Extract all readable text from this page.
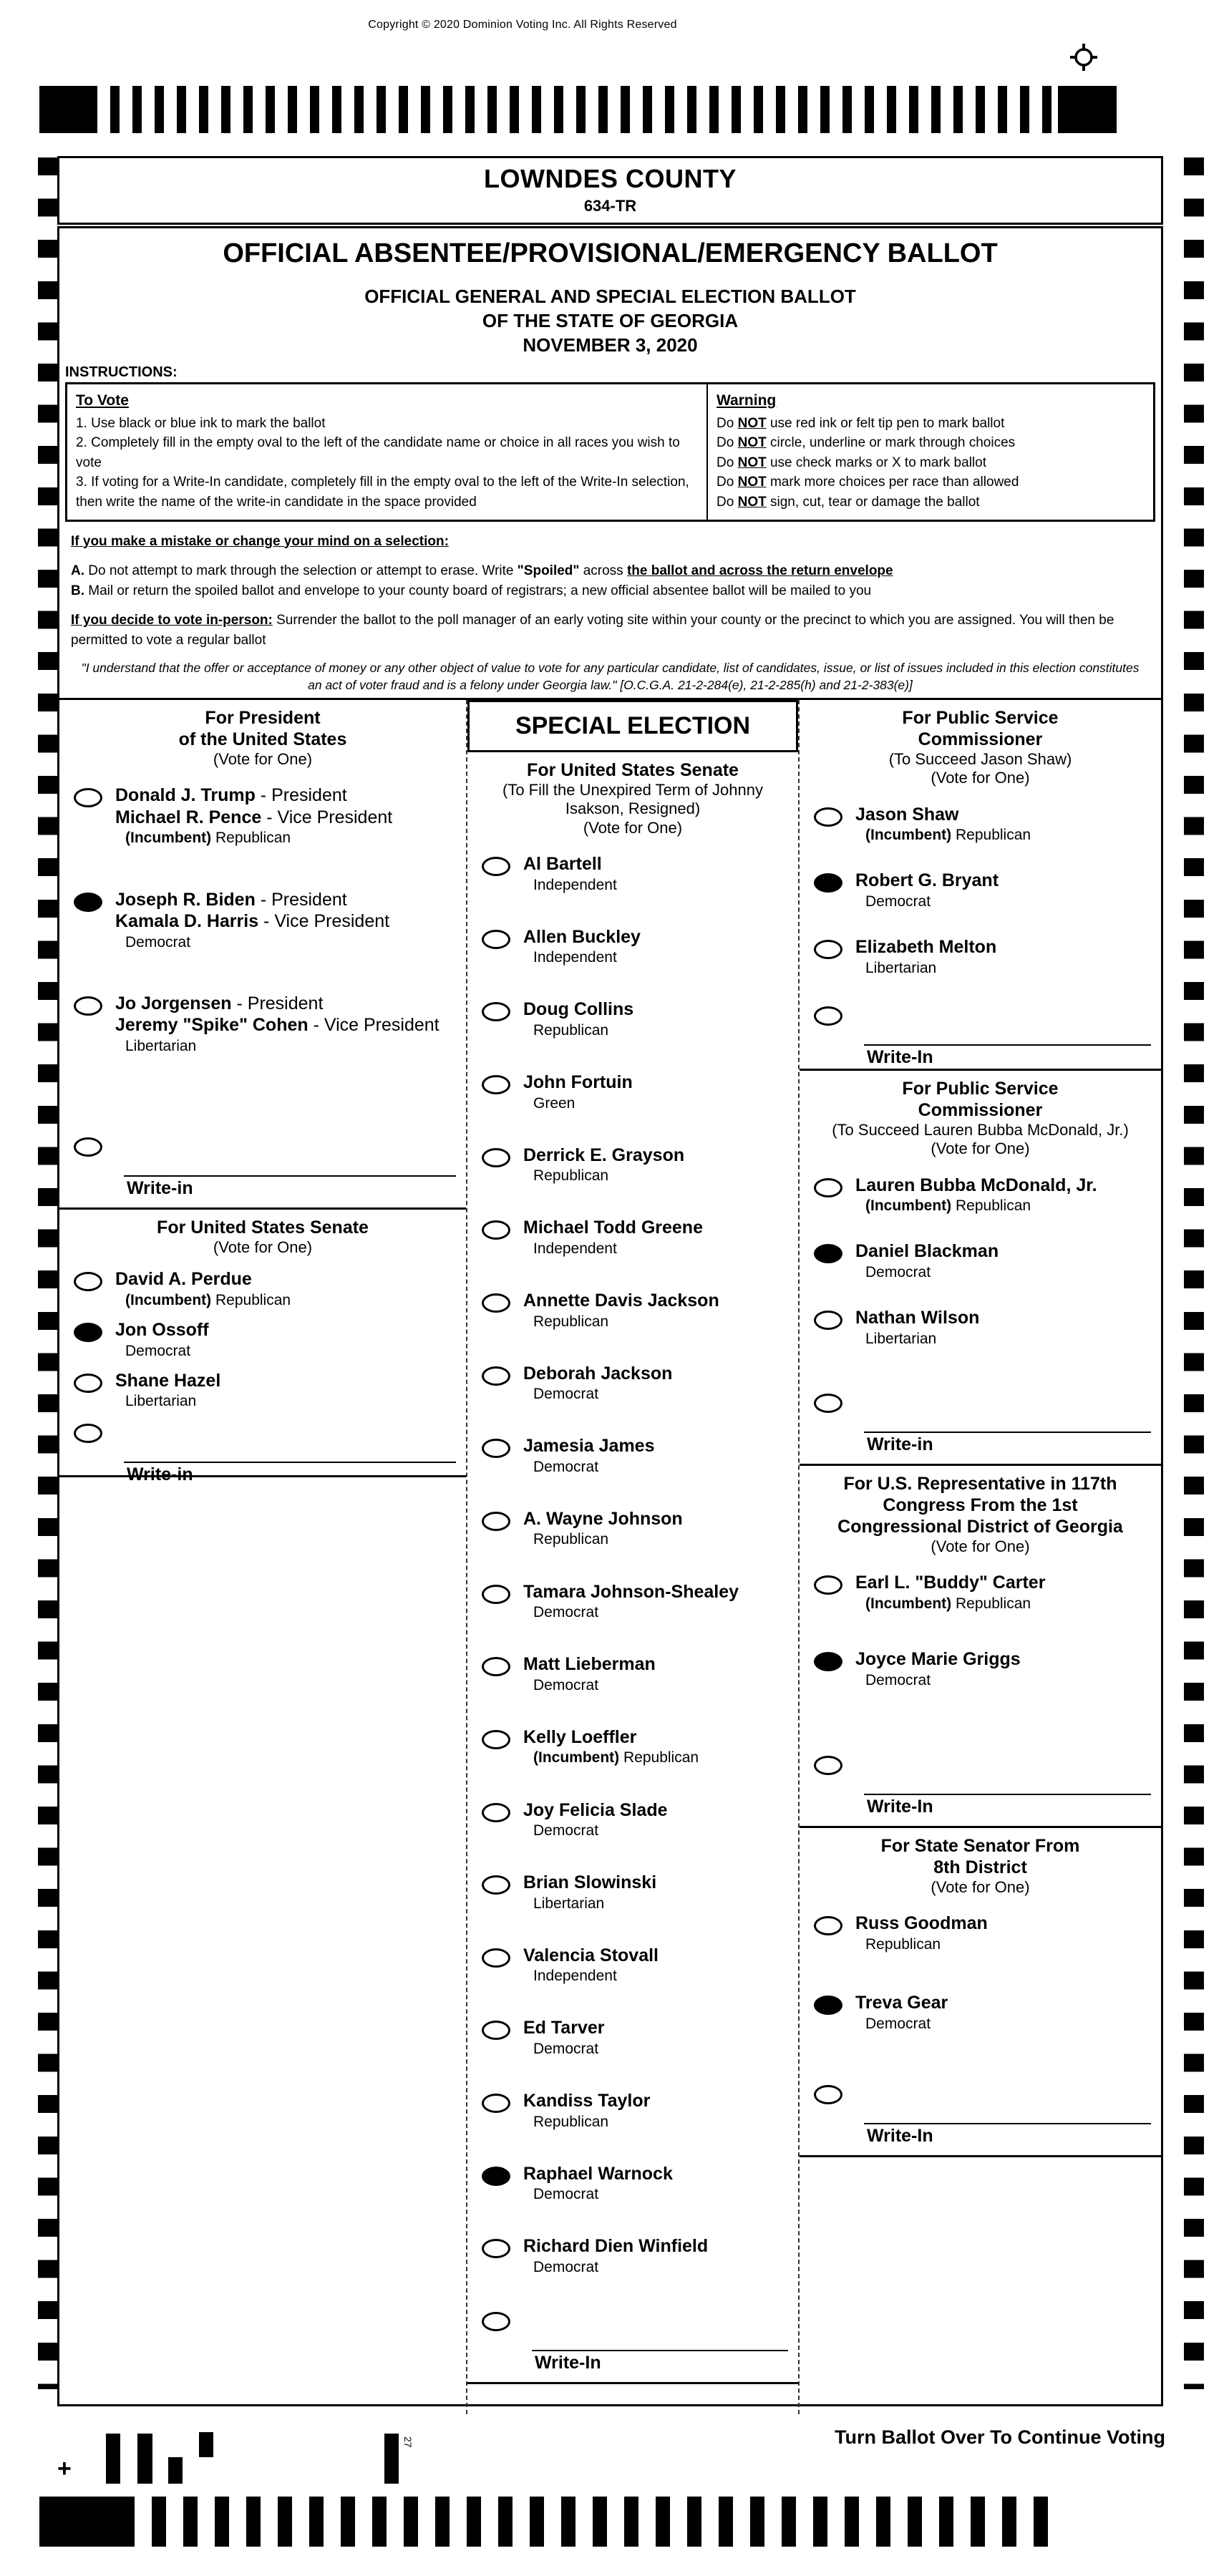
Copyright © 2020 Dominion Voting Inc. All Rights Reserved
LOWNDES COUNTY
634-TR
OFFICIAL ABSENTEE/PROVISIONAL/EMERGENCY BALLOT
OFFICIAL GENERAL AND SPECIAL ELECTION BALLOT
OF THE STATE OF GEORGIA
NOVEMBER 3, 2020
INSTRUCTIONS:
To Vote
1. Use black or blue ink to mark the ballot
2. Completely fill in the empty oval to the left of the candidate name or choice in all races you wish to vote
3. If voting for a Write-In candidate, completely fill in the empty oval to the left of the Write-In selection, then write the name of the write-in candidate in the space provided
Warning
Do NOT use red ink or felt tip pen to mark ballot
Do NOT circle, underline or mark through choices
Do NOT use check marks or X to mark ballot
Do NOT mark more choices per race than allowed
Do NOT sign, cut, tear or damage the ballot
If you make a mistake or change your mind on a selection:
A. Do not attempt to mark through the selection or attempt to erase. Write "Spoiled" across the ballot and across the return envelope
B. Mail or return the spoiled ballot and envelope to your county board of registrars; a new official absentee ballot will be mailed to you
If you decide to vote in-person: Surrender the ballot to the poll manager of an early voting site within your county or the precinct to which you are assigned. You will then be permitted to vote a regular ballot
"I understand that the offer or acceptance of money or any other object of value to vote for any particular candidate, list of candidates, issue, or list of issues included in this election constitutes an act of voter fraud and is a felony under Georgia law." [O.C.G.A. 21-2-284(e), 21-2-285(h) and 21-2-383(e)]
For President
of the United States
(Vote for One)
Donald J. Trump - President
Michael R. Pence - Vice President
(Incumbent) Republican
Joseph R. Biden - President
Kamala D. Harris - Vice President
Democrat
Jo Jorgensen - President
Jeremy "Spike" Cohen - Vice President
Libertarian
Write-in
For United States Senate
(Vote for One)
David A. Perdue
(Incumbent) Republican
Jon Ossoff
Democrat
Shane Hazel
Libertarian
Write-in
SPECIAL ELECTION
For United States Senate
(To Fill the Unexpired Term of Johnny
Isakson, Resigned)
(Vote for One)
Al Bartell
Independent
Allen Buckley
Independent
Doug Collins
Republican
John Fortuin
Green
Derrick E. Grayson
Republican
Michael Todd Greene
Independent
Annette Davis Jackson
Republican
Deborah Jackson
Democrat
Jamesia James
Democrat
A. Wayne Johnson
Republican
Tamara Johnson-Shealey
Democrat
Matt Lieberman
Democrat
Kelly Loeffler
(Incumbent) Republican
Joy Felicia Slade
Democrat
Brian Slowinski
Libertarian
Valencia Stovall
Independent
Ed Tarver
Democrat
Kandiss Taylor
Republican
Raphael Warnock
Democrat
Richard Dien Winfield
Democrat
Write-In
For Public Service
Commissioner
(To Succeed Jason Shaw)
(Vote for One)
Jason Shaw
(Incumbent) Republican
Robert G. Bryant
Democrat
Elizabeth Melton
Libertarian
Write-In
For Public Service
Commissioner
(To Succeed Lauren Bubba McDonald, Jr.)
(Vote for One)
Lauren Bubba McDonald, Jr.
(Incumbent) Republican
Daniel Blackman
Democrat
Nathan Wilson
Libertarian
Write-in
For U.S. Representative in 117th
Congress From the 1st
Congressional District of Georgia
(Vote for One)
Earl L. "Buddy" Carter
(Incumbent) Republican
Joyce Marie Griggs
Democrat
Write-In
For State Senator From
8th District
(Vote for One)
Russ Goodman
Republican
Treva Gear
Democrat
Write-In
Turn Ballot Over To Continue Voting
+
27
